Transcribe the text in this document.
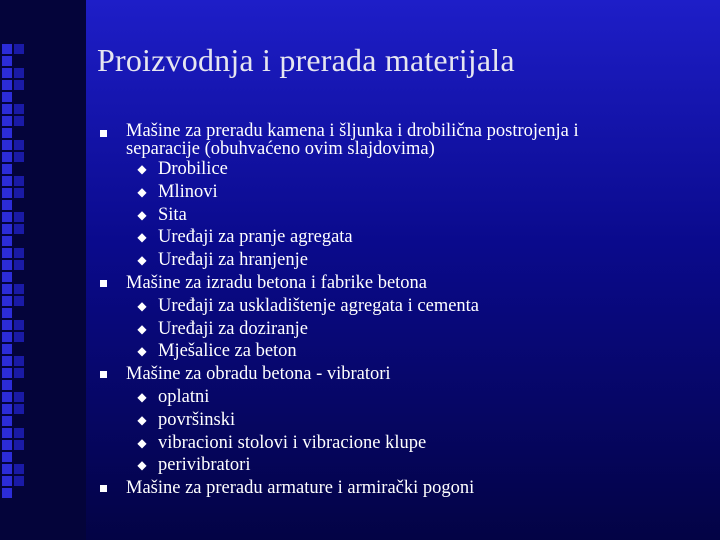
Proizvodnja i prerada materijala
Mašine za preradu kamena i šljunka i drobilična postrojenja i
separacije (obuhvaćeno ovim slajdovima)
◆ Drobilice
◆ Mlinovi
◆ Sita
◆ Uređaji za pranje agregata
◆ Uređaji za hranjenje
Mašine za izradu betona i fabrike betona
◆ Uređaji za uskladištenje agregata i cementa
◆ Uređaji za doziranje
◆ Mješalice za beton
Mašine za obradu betona - vibratori
◆ oplatni
◆ površinski
◆ vibracioni stolovi i vibracione klupe
◆ perivibratori
Mašine za preradu armature i armirački pogoni
